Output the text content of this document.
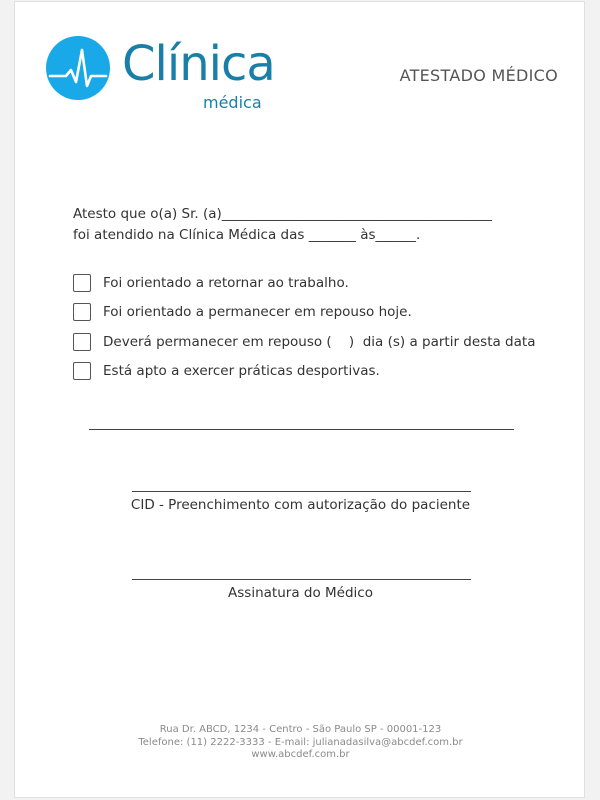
Clínica
médica
ATESTADO MÉDICO
Atesto que o(a) Sr. (a)________________________________________
foi atendido na Clínica Médica das _______ às______.
Foi orientado a retornar ao trabalho.
Foi orientado a permanecer em repouso hoje.
Deverá permanecer em repouso (    )  dia (s) a partir desta data
Está apto a exercer práticas desportivas.
CID - Preenchimento com autorização do paciente
Assinatura do Médico
Rua Dr. ABCD, 1234 - Centro - São Paulo SP - 00001-123
Telefone: (11) 2222-3333 - E-mail: julianadasilva@abcdef.com.br
www.abcdef.com.br
